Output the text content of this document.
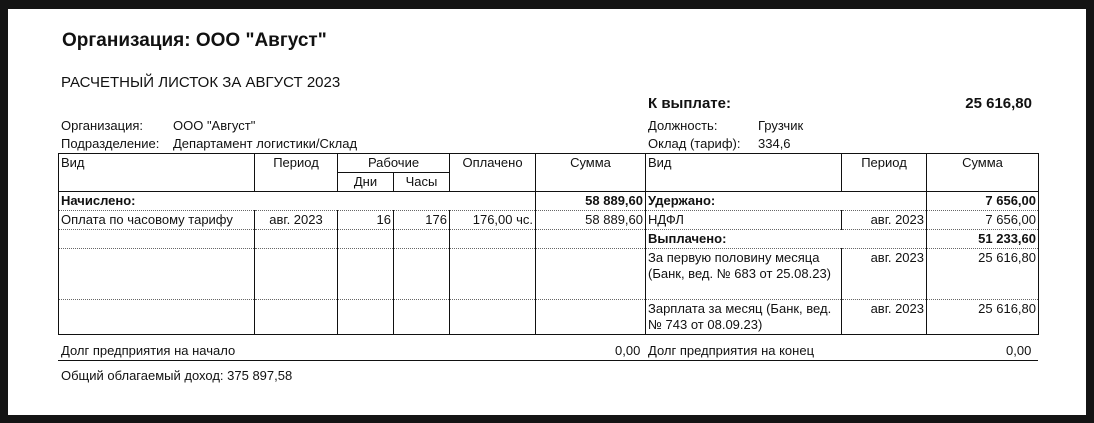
Организация: ООО "Август"
РАСЧЕТНЫЙ ЛИСТОК ЗА АВГУСТ 2023
К выплате:	25 616,80
Организация: ООО "Август"
Подразделение: Департамент логистики/Склад
Должность:	Грузчик
Оклад (тариф): 334,6
Вид	Период	Рабочие		Оплачено	Сумма	Вид	Период	Сумма
		Дни	Часы					
Начислено:					58 889,60	Удержано:		7 656,00
Оплата по часовому тарифу	авг. 2023	16	176	176,00 чс.	58 889,60	НДФЛ	авг. 2023	7 656,00
						Выплачено:		51 233,60
						За первую половину месяца (Банк, вед. № 683 от 25.08.23)	авг. 2023	25 616,80
						Зарплата за месяц (Банк, вед. № 743 от 08.09.23)	авг. 2023	25 616,80
Долг предприятия на начало	0,00 Долг предприятия на конец	0,00
Общий облагаемый доход: 375 897,58
